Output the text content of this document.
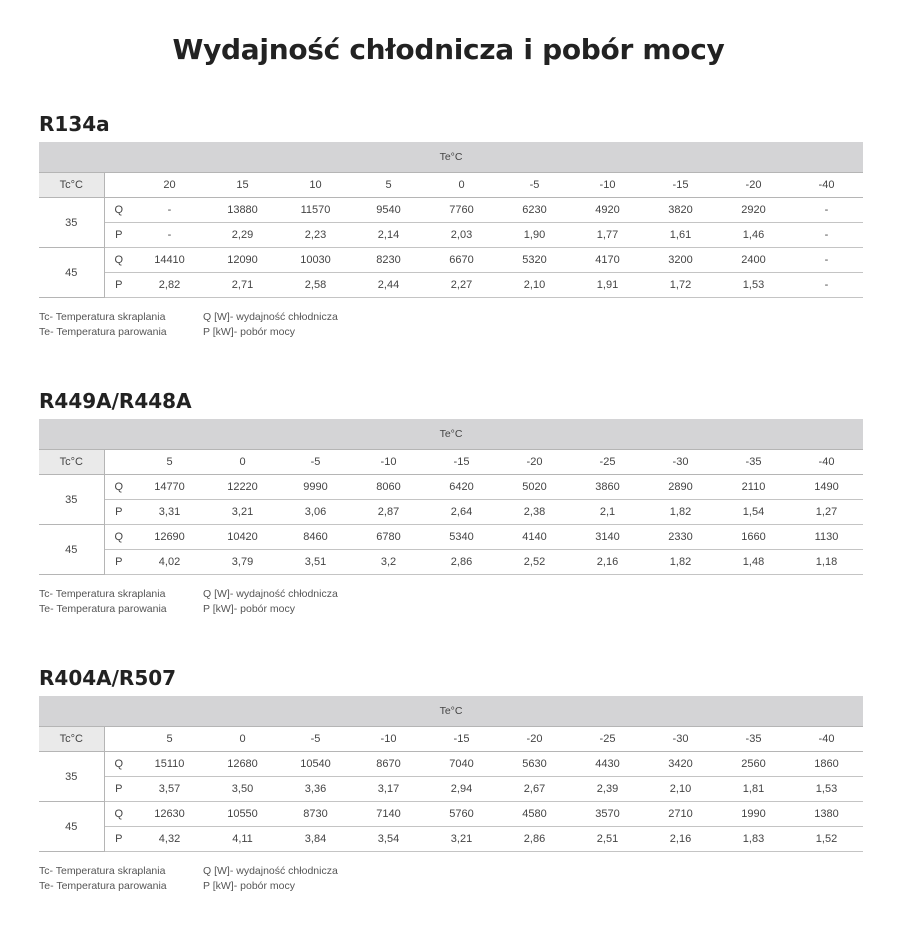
Wydajność chłodnicza i pobór mocy
R134a
Te°C											
Tc°C		20	15	10	5	0	-5	-10	-15	-20	-40
35	Q	-	13880	11570	9540	7760	6230	4920	3820	2920	-
	P	-	2,29	2,23	2,14	2,03	1,90	1,77	1,61	1,46	-
45	Q	14410	12090	10030	8230	6670	5320	4170	3200	2400	-
	P	2,82	2,71	2,58	2,44	2,27	2,10	1,91	1,72	1,53	-
Tc- Temperatura skraplania	Q [W]- wydajność chłodnicza
Te- Temperatura parowania	P [kW]- pobór mocy
R449A/R448A
Te°C											
Tc°C		5	0	-5	-10	-15	-20	-25	-30	-35	-40
35	Q	14770	12220	9990	8060	6420	5020	3860	2890	2110	1490
	P	3,31	3,21	3,06	2,87	2,64	2,38	2,1	1,82	1,54	1,27
45	Q	12690	10420	8460	6780	5340	4140	3140	2330	1660	1130
	P	4,02	3,79	3,51	3,2	2,86	2,52	2,16	1,82	1,48	1,18
Tc- Temperatura skraplania	Q [W]- wydajność chłodnicza
Te- Temperatura parowania	P [kW]- pobór mocy
R404A/R507
Te°C											
Tc°C		5	0	-5	-10	-15	-20	-25	-30	-35	-40
35	Q	15110	12680	10540	8670	7040	5630	4430	3420	2560	1860
	P	3,57	3,50	3,36	3,17	2,94	2,67	2,39	2,10	1,81	1,53
45	Q	12630	10550	8730	7140	5760	4580	3570	2710	1990	1380
	P	4,32	4,11	3,84	3,54	3,21	2,86	2,51	2,16	1,83	1,52
Tc- Temperatura skraplania	Q [W]- wydajność chłodnicza
Te- Temperatura parowania	P [kW]- pobór mocy
